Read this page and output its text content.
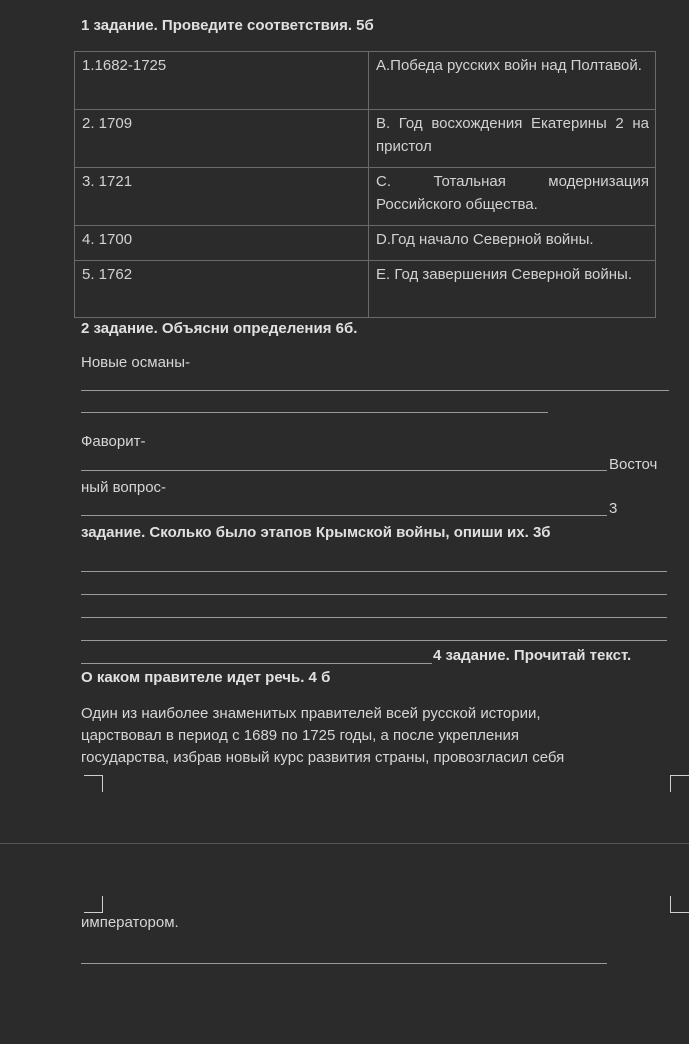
1 задание. Проведите соответствия. 5б
1.1682-1725	А.Победа русских войн над Полтавой.
2. 1709	В. Год восхождения Екатерины 2 на пристол
3. 1721	С. Тотальная модернизация Российского общества.
4. 1700	D.Год начало Северной войны.
5. 1762	Е. Год завершения Северной войны.
2 задание. Объясни определения 6б.
Новые османы-
Фаворит-
Восточ
ный вопрос-
3
задание. Сколько было этапов Крымской войны, опиши их. 3б
4 задание. Прочитай текст.
О каком правителе идет речь. 4 б
Один из наиболее знаменитых правителей всей русской истории,
царствовал в период с 1689 по 1725 годы, а после укрепления
государства, избрав новый курс развития страны, провозгласил себя
императором.
